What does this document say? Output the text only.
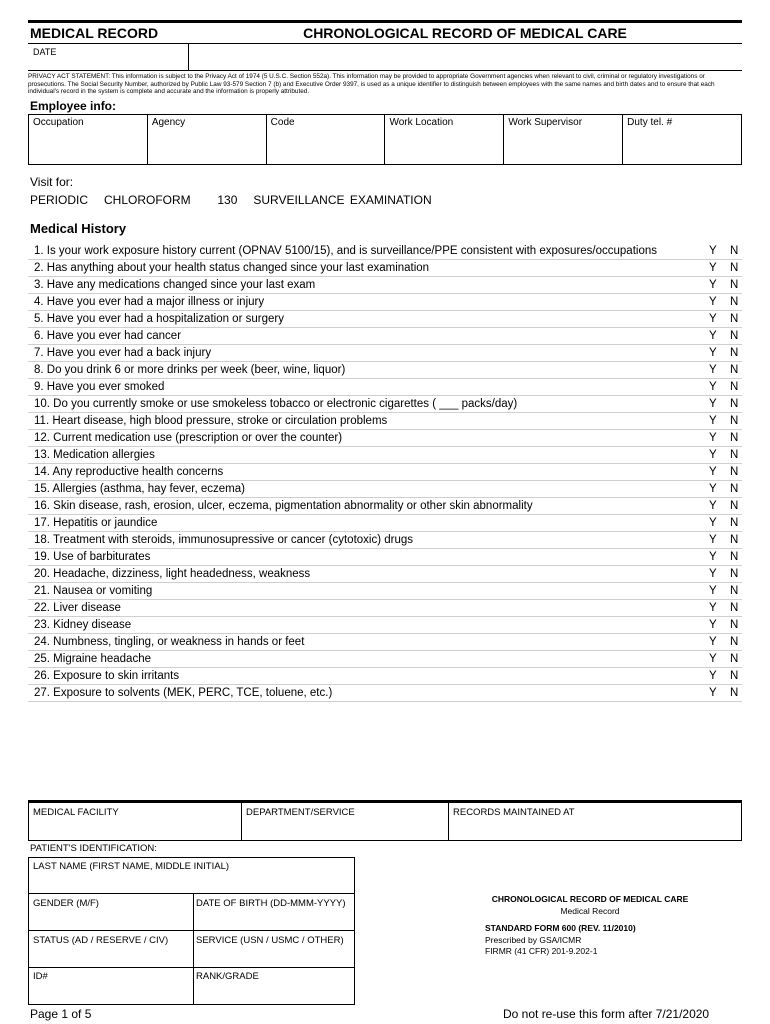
MEDICAL RECORD	CHRONOLOGICAL RECORD OF MEDICAL CARE
DATE
PRIVACY ACT STATEMENT: This information is subject to the Privacy Act of 1974 (5 U.S.C. Section 552a). This information may be provided to appropriate Government agencies when relevant to civil, criminal or regulatory investigations or prosecutions. The Social Security Number, authorized by Public Law 93-579 Section 7 (b) and Executive Order 9397, is used as a unique identifier to distinguish between employees with the same names and birth dates and to ensure that each individual's record in the system is complete and accurate and the information is properly attributed.
Employee info:
Occupation	Agency	Code	Work Location	Work Supervisor	Duty tel. #
Visit for:
PERIODIC   CHLOROFORM     130   SURVEILLANCE EXAMINATION
Medical History
1. Is your work exposure history current (OPNAV 5100/15), and is surveillance/PPE consistent with exposures/occupations	Y N
2. Has anything about your health status changed since your last examination	Y N
3. Have any medications changed since your last exam	Y N
4. Have you ever had a major illness or injury	Y N
5. Have you ever had a hospitalization or surgery	Y N
6. Have you ever had cancer	Y N
7. Have you ever had a back injury	Y N
8. Do you drink 6 or more drinks per week (beer, wine, liquor)	Y N
9. Have you ever smoked	Y N
10. Do you currently smoke or use smokeless tobacco or electronic cigarettes ( ___ packs/day)	Y N
11. Heart disease, high blood pressure, stroke or circulation problems	Y N
12. Current medication use (prescription or over the counter)	Y N
13. Medication allergies	Y N
14. Any reproductive health concerns	Y N
15. Allergies (asthma, hay fever, eczema)	Y N
16. Skin disease, rash, erosion, ulcer, eczema, pigmentation abnormality or other skin abnormality	Y N
17. Hepatitis or jaundice	Y N
18. Treatment with steroids, immunosupressive or cancer (cytotoxic) drugs	Y N
19. Use of barbiturates	Y N
20. Headache, dizziness, light headedness, weakness	Y N
21. Nausea or vomiting	Y N
22. Liver disease	Y N
23. Kidney disease	Y N
24. Numbness, tingling, or weakness in hands or feet	Y N
25. Migraine headache	Y N
26. Exposure to skin irritants	Y N
27. Exposure to solvents (MEK, PERC, TCE, toluene, etc.)	Y N
MEDICAL FACILITY	DEPARTMENT/SERVICE	RECORDS MAINTAINED AT
PATIENT'S IDENTIFICATION:
LAST NAME (FIRST NAME, MIDDLE INITIAL)
GENDER (M/F)	DATE OF BIRTH (DD-MMM-YYYY)
STATUS (AD / RESERVE / CIV)	SERVICE (USN / USMC / OTHER)
ID#	RANK/GRADE
CHRONOLOGICAL RECORD OF MEDICAL CARE
Medical Record
STANDARD FORM 600 (REV. 11/2010)
Prescribed by GSA/ICMR
FIRMR (41 CFR) 201-9.202-1
Page 1 of 5	Do not re-use this form after 7/21/2020
